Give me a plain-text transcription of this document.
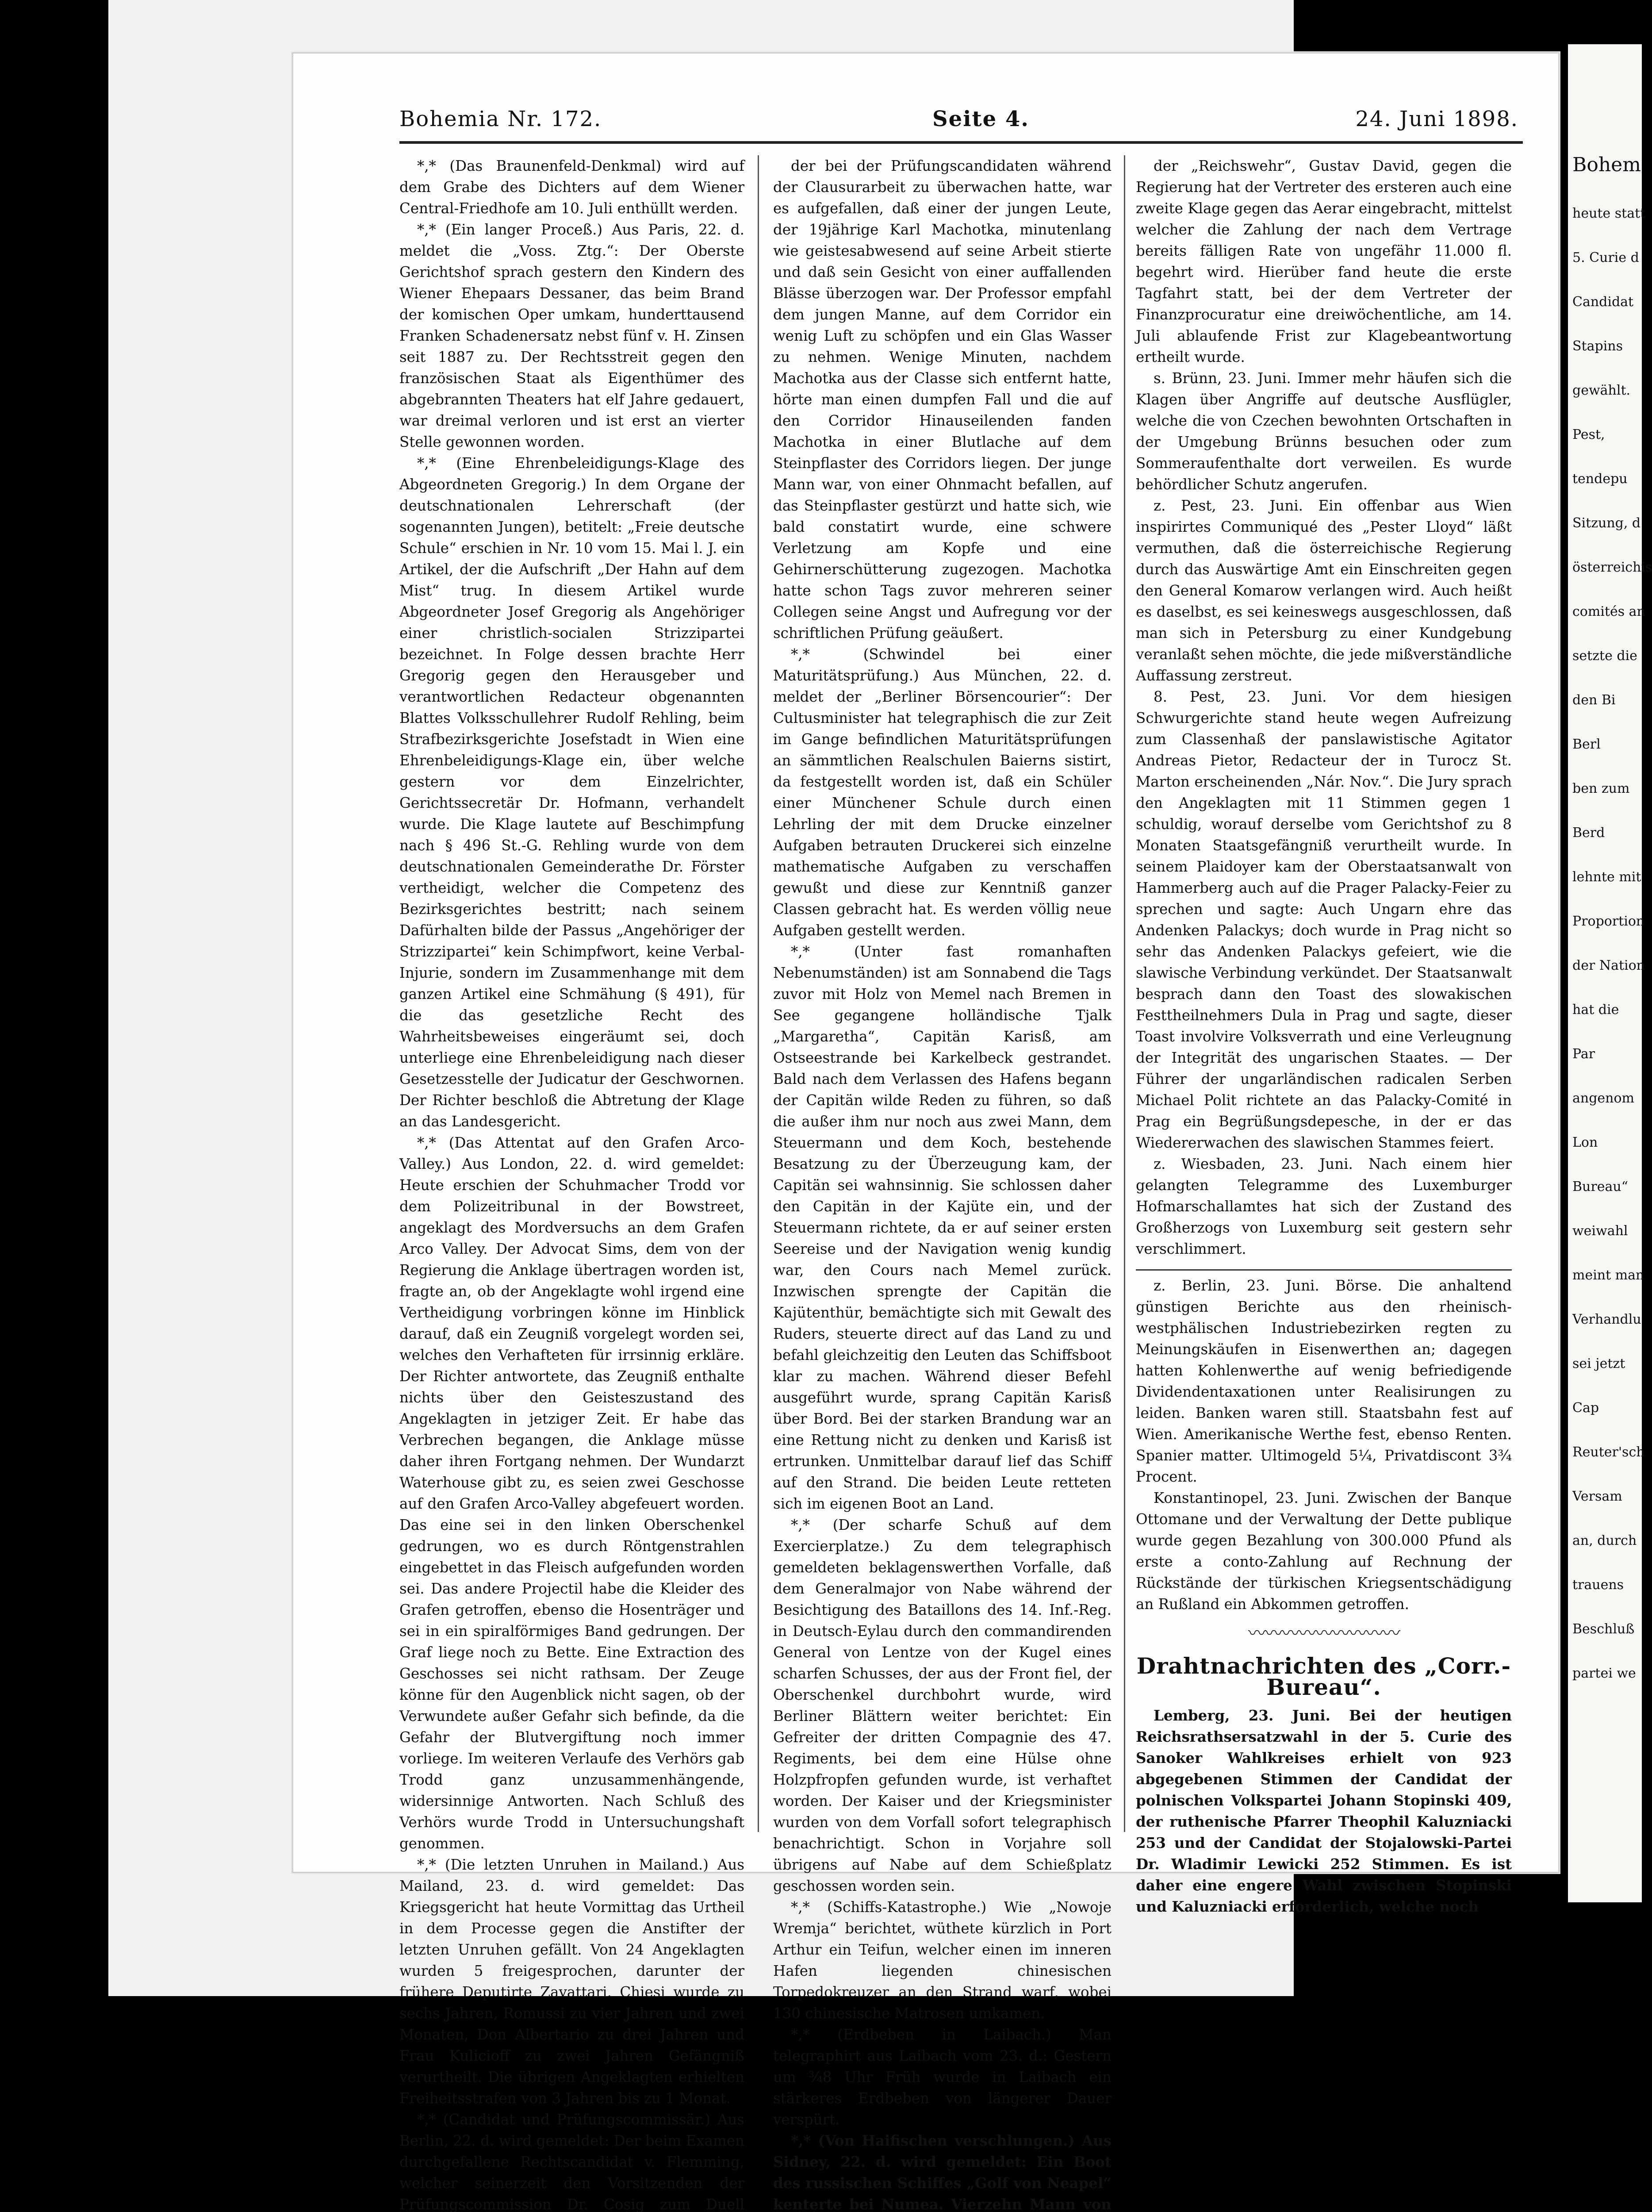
Bohemia Nr. 172.	Seite 4.	24. Juni 1898.

*,* (Das Braunenfeld-Denkmal) wird auf dem Grabe des Dichters auf dem Wiener Central-Friedhofe am 10. Juli enthüllt werden.

*,* (Ein langer Proceß.) Aus Paris, 22. d. meldet die „Voss. Ztg.“: Der Oberste Gerichtshof sprach gestern den Kindern des Wiener Ehepaars Dessaner, das beim Brand der komischen Oper umkam, hunderttausend Franken Schadenersatz nebst fünf v. H. Zinsen seit 1887 zu. Der Rechtsstreit gegen den französischen Staat als Eigenthümer des abgebrannten Theaters hat elf Jahre gedauert, war dreimal verloren und ist erst an vierter Stelle gewonnen worden.

*,* (Eine Ehrenbeleidigungs-Klage des Abgeordneten Gregorig.) In dem Organe der deutschnationalen Lehrerschaft (der sogenannten Jungen), betitelt: „Freie deutsche Schule“ erschien in Nr. 10 vom 15. Mai l. J. ein Artikel, der die Aufschrift „Der Hahn auf dem Mist“ trug. In diesem Artikel wurde Abgeordneter Josef Gregorig als Angehöriger einer christlich-socialen Strizzipartei bezeichnet. In Folge dessen brachte Herr Gregorig gegen den Herausgeber und verantwortlichen Redacteur obgenannten Blattes Volksschullehrer Rudolf Rehling, beim Strafbezirksgerichte Josefstadt in Wien eine Ehrenbeleidigungs-Klage ein, über welche gestern vor dem Einzelrichter, Gerichtssecretär Dr. Hofmann, verhandelt wurde. Die Klage lautete auf Beschimpfung nach § 496 St.-G. Rehling wurde von dem deutschnationalen Gemeinderathe Dr. Förster vertheidigt, welcher die Competenz des Bezirksgerichtes bestritt; nach seinem Dafürhalten bilde der Passus „Angehöriger der Strizzipartei“ kein Schimpfwort, keine Verbal-Injurie, sondern im Zusammenhange mit dem ganzen Artikel eine Schmähung (§ 491), für die das gesetzliche Recht des Wahrheitsbeweises eingeräumt sei, doch unterliege eine Ehrenbeleidigung nach dieser Gesetzesstelle der Judicatur der Geschwornen. Der Richter beschloß die Abtretung der Klage an das Landesgericht.

*,* (Das Attentat auf den Grafen Arco-Valley.) Aus London, 22. d. wird gemeldet: Heute erschien der Schuhmacher Trodd vor dem Polizeitribunal in der Bowstreet, angeklagt des Mordversuchs an dem Grafen Arco Valley. Der Advocat Sims, dem von der Regierung die Anklage übertragen worden ist, fragte an, ob der Angeklagte wohl irgend eine Vertheidigung vorbringen könne im Hinblick darauf, daß ein Zeugniß vorgelegt worden sei, welches den Verhafteten für irrsinnig erkläre. Der Richter antwortete, das Zeugniß enthalte nichts über den Geisteszustand des Angeklagten in jetziger Zeit. Er habe das Verbrechen begangen, die Anklage müsse daher ihren Fortgang nehmen. Der Wundarzt Waterhouse gibt zu, es seien zwei Geschosse auf den Grafen Arco-Valley abgefeuert worden. Das eine sei in den linken Oberschenkel gedrungen, wo es durch Röntgenstrahlen eingebettet in das Fleisch aufgefunden worden sei. Das andere Projectil habe die Kleider des Grafen getroffen, ebenso die Hosenträger und sei in ein spiralförmiges Band gedrungen. Der Graf liege noch zu Bette. Eine Extraction des Geschosses sei nicht rathsam. Der Zeuge könne für den Augenblick nicht sagen, ob der Verwundete außer Gefahr sich befinde, da die Gefahr der Blutvergiftung noch immer vorliege. Im weiteren Verlaufe des Verhörs gab Trodd ganz unzusammenhängende, widersinnige Antworten. Nach Schluß des Verhörs wurde Trodd in Untersuchungshaft genommen.

*,* (Die letzten Unruhen in Mailand.) Aus Mailand, 23. d. wird gemeldet: Das Kriegsgericht hat heute Vormittag das Urtheil in dem Processe gegen die Anstifter der letzten Unruhen gefällt. Von 24 Angeklagten wurden 5 freigesprochen, darunter der frühere Deputirte Zavattari. Chiesi wurde zu sechs Jahren, Romussi zu vier Jahren und zwei Monaten, Don Albertario zu drei Jahren und Frau Kulicioff zu zwei Jahren Gefängniß verurtheilt. Die übrigen Angeklagten erhielten Freiheitsstrafen von 3 Jahren bis zu 1 Monat.

*,* (Candidat und Prüfungscommissär.) Aus Berlin, 22. d. wird gemeldet: Der beim Examen durchgefallene Rechtscandidat v. Flemming, welcher seinerzeit den Vorsitzenden der Prüfungscommission Dr. Cosig zum Duell

der bei der Prüfungscandidaten während der Clausurarbeit zu überwachen hatte, war es aufgefallen, daß einer der jungen Leute, der 19jährige Karl Machotka, minutenlang wie geistesabwesend auf seine Arbeit stierte und daß sein Gesicht von einer auffallenden Blässe überzogen war. Der Professor empfahl dem jungen Manne, auf dem Corridor ein wenig Luft zu schöpfen und ein Glas Wasser zu nehmen. Wenige Minuten, nachdem Machotka aus der Classe sich entfernt hatte, hörte man einen dumpfen Fall und die auf den Corridor Hinauseilenden fanden Machotka in einer Blutlache auf dem Steinpflaster des Corridors liegen. Der junge Mann war, von einer Ohnmacht befallen, auf das Steinpflaster gestürzt und hatte sich, wie bald constatirt wurde, eine schwere Verletzung am Kopfe und eine Gehirnerschütterung zugezogen. Machotka hatte schon Tags zuvor mehreren seiner Collegen seine Angst und Aufregung vor der schriftlichen Prüfung geäußert.

*,* (Schwindel bei einer Maturitätsprüfung.) Aus München, 22. d. meldet der „Berliner Börsencourier“: Der Cultusminister hat telegraphisch die zur Zeit im Gange befindlichen Maturitätsprüfungen an sämmtlichen Realschulen Baierns sistirt, da festgestellt worden ist, daß ein Schüler einer Münchener Schule durch einen Lehrling der mit dem Drucke einzelner Aufgaben betrauten Druckerei sich einzelne mathematische Aufgaben zu verschaffen gewußt und diese zur Kenntniß ganzer Classen gebracht hat. Es werden völlig neue Aufgaben gestellt werden.

*,* (Unter fast romanhaften Nebenumständen) ist am Sonnabend die Tags zuvor mit Holz von Memel nach Bremen in See gegangene holländische Tjalk „Margaretha“, Capitän Karisß, am Ostseestrande bei Karkelbeck gestrandet. Bald nach dem Verlassen des Hafens begann der Capitän wilde Reden zu führen, so daß die außer ihm nur noch aus zwei Mann, dem Steuermann und dem Koch, bestehende Besatzung zu der Überzeugung kam, der Capitän sei wahnsinnig. Sie schlossen daher den Capitän in der Kajüte ein, und der Steuermann richtete, da er auf seiner ersten Seereise und der Navigation wenig kundig war, den Cours nach Memel zurück. Inzwischen sprengte der Capitän die Kajütenthür, bemächtigte sich mit Gewalt des Ruders, steuerte direct auf das Land zu und befahl gleichzeitig den Leuten das Schiffsboot klar zu machen. Während dieser Befehl ausgeführt wurde, sprang Capitän Karisß über Bord. Bei der starken Brandung war an eine Rettung nicht zu denken und Karisß ist ertrunken. Unmittelbar darauf lief das Schiff auf den Strand. Die beiden Leute retteten sich im eigenen Boot an Land.

*,* (Der scharfe Schuß auf dem Exercierplatze.) Zu dem telegraphisch gemeldeten beklagenswerthen Vorfalle, daß dem Generalmajor von Nabe während der Besichtigung des Bataillons des 14. Inf.-Reg. in Deutsch-Eylau durch den commandirenden General von Lentze von der Kugel eines scharfen Schusses, der aus der Front fiel, der Oberschenkel durchbohrt wurde, wird Berliner Blättern weiter berichtet: Ein Gefreiter der dritten Compagnie des 47. Regiments, bei dem eine Hülse ohne Holzpfropfen gefunden wurde, ist verhaftet worden. Der Kaiser und der Kriegsminister wurden von dem Vorfall sofort telegraphisch benachrichtigt. Schon in Vorjahre soll übrigens auf Nabe auf dem Schießplatz geschossen worden sein.

*,* (Schiffs-Katastrophe.) Wie „Nowoje Wremja“ berichtet, wüthete kürzlich in Port Arthur ein Teifun, welcher einen im inneren Hafen liegenden chinesischen Torpedokreuzer an den Strand warf, wobei 130 chinesische Matrosen umkamen.

*,* (Erdbeben in Laibach.) Man telegraphirt aus Laibach vom 23. d.: Gestern um ¾8 Uhr Früh wurde in Laibach ein stärkeres Erdbeben von längerer Dauer verspürt.

*,* (Von Haifischen verschlungen.) Aus Sidney, 22. d. wird gemeldet: Ein Boot des russischen Schiffes „Golf von Neapel“ kenterte bei Numea. Vierzehn Mann von

der „Reichswehr“, Gustav David, gegen die Regierung hat der Vertreter des ersteren auch eine zweite Klage gegen das Aerar eingebracht, mittelst welcher die Zahlung der nach dem Vertrage bereits fälligen Rate von ungefähr 11.000 fl. begehrt wird. Hierüber fand heute die erste Tagfahrt statt, bei der dem Vertreter der Finanzprocuratur eine dreiwöchentliche, am 14. Juli ablaufende Frist zur Klagebeantwortung ertheilt wurde.

s. Brünn, 23. Juni. Immer mehr häufen sich die Klagen über Angriffe auf deutsche Ausflügler, welche die von Czechen bewohnten Ortschaften in der Umgebung Brünns besuchen oder zum Sommeraufenthalte dort verweilen. Es wurde behördlicher Schutz angerufen.

z. Pest, 23. Juni. Ein offenbar aus Wien inspirirtes Communiqué des „Pester Lloyd“ läßt vermuthen, daß die österreichische Regierung durch das Auswärtige Amt ein Einschreiten gegen den General Komarow verlangen wird. Auch heißt es daselbst, es sei keineswegs ausgeschlossen, daß man sich in Petersburg zu einer Kundgebung veranlaßt sehen möchte, die jede mißverständliche Auffassung zerstreut.

8. Pest, 23. Juni. Vor dem hiesigen Schwurgerichte stand heute wegen Aufreizung zum Classenhaß der panslawistische Agitator Andreas Pietor, Redacteur der in Turocz St. Marton erscheinenden „Nár. Nov.“. Die Jury sprach den Angeklagten mit 11 Stimmen gegen 1 schuldig, worauf derselbe vom Gerichtshof zu 8 Monaten Staatsgefängniß verurtheilt wurde. In seinem Plaidoyer kam der Oberstaatsanwalt von Hammerberg auch auf die Prager Palacky-Feier zu sprechen und sagte: Auch Ungarn ehre das Andenken Palackys; doch wurde in Prag nicht so sehr das Andenken Palackys gefeiert, wie die slawische Verbindung verkündet. Der Staatsanwalt besprach dann den Toast des slowakischen Festtheilnehmers Dula in Prag und sagte, dieser Toast involvire Volksverrath und eine Verleugnung der Integrität des ungarischen Staates. — Der Führer der ungarländischen radicalen Serben Michael Polit richtete an das Palacky-Comité in Prag ein Begrüßungsdepesche, in der er das Wiedererwachen des slawischen Stammes feiert.

z. Wiesbaden, 23. Juni. Nach einem hier gelangten Telegramme des Luxemburger Hofmarschallamtes hat sich der Zustand des Großherzogs von Luxemburg seit gestern sehr verschlimmert.

z. Berlin, 23. Juni. Börse. Die anhaltend günstigen Berichte aus den rheinisch-westphälischen Industriebezirken regten zu Meinungskäufen in Eisenwerthen an; dagegen hatten Kohlenwerthe auf wenig befriedigende Dividendentaxationen unter Realisirungen zu leiden. Banken waren still. Staatsbahn fest auf Wien. Amerikanische Werthe fest, ebenso Renten. Spanier matter. Ultimogeld 5¼, Privatdiscont 3¾ Procent.

Konstantinopel, 23. Juni. Zwischen der Banque Ottomane und der Verwaltung der Dette publique wurde gegen Bezahlung von 300.000 Pfund als erste a conto-Zahlung auf Rechnung der Rückstände der türkischen Kriegsentschädigung an Rußland ein Abkommen getroffen.

〰〰〰〰〰〰〰〰〰
Drahtnachrichten des „Corr.-Bureau“.

Lemberg, 23. Juni. Bei der heutigen Reichsrathsersatzwahl in der 5. Curie des Sanoker Wahlkreises erhielt von 923 abgegebenen Stimmen der Candidat der polnischen Volkspartei Johann Stopinski 409, der ruthenische Pfarrer Theophil Kaluzniacki 253 und der Candidat der Stojalowski-Partei Dr. Wladimir Lewicki 252 Stimmen. Es ist daher eine engere Wahl zwischen Stopinski und Kaluzniacki erforderlich, welche noch

Bohem
heute statt
5. Curie d
Candidat
Stapins
gewählt.
Pest,
tendepu
Sitzung, d
österreichis
comités an
setzte die
den Bi
Berl
ben zum
Berd
lehnte mit
Proportion
der Nation
hat die
Par
angenom
Lon
Bureau“
weiwahl
meint man
Verhandlu
sei jetzt
Cap
Reuter'sch
Versam
an, durch
trauens
Beschluß
partei we
